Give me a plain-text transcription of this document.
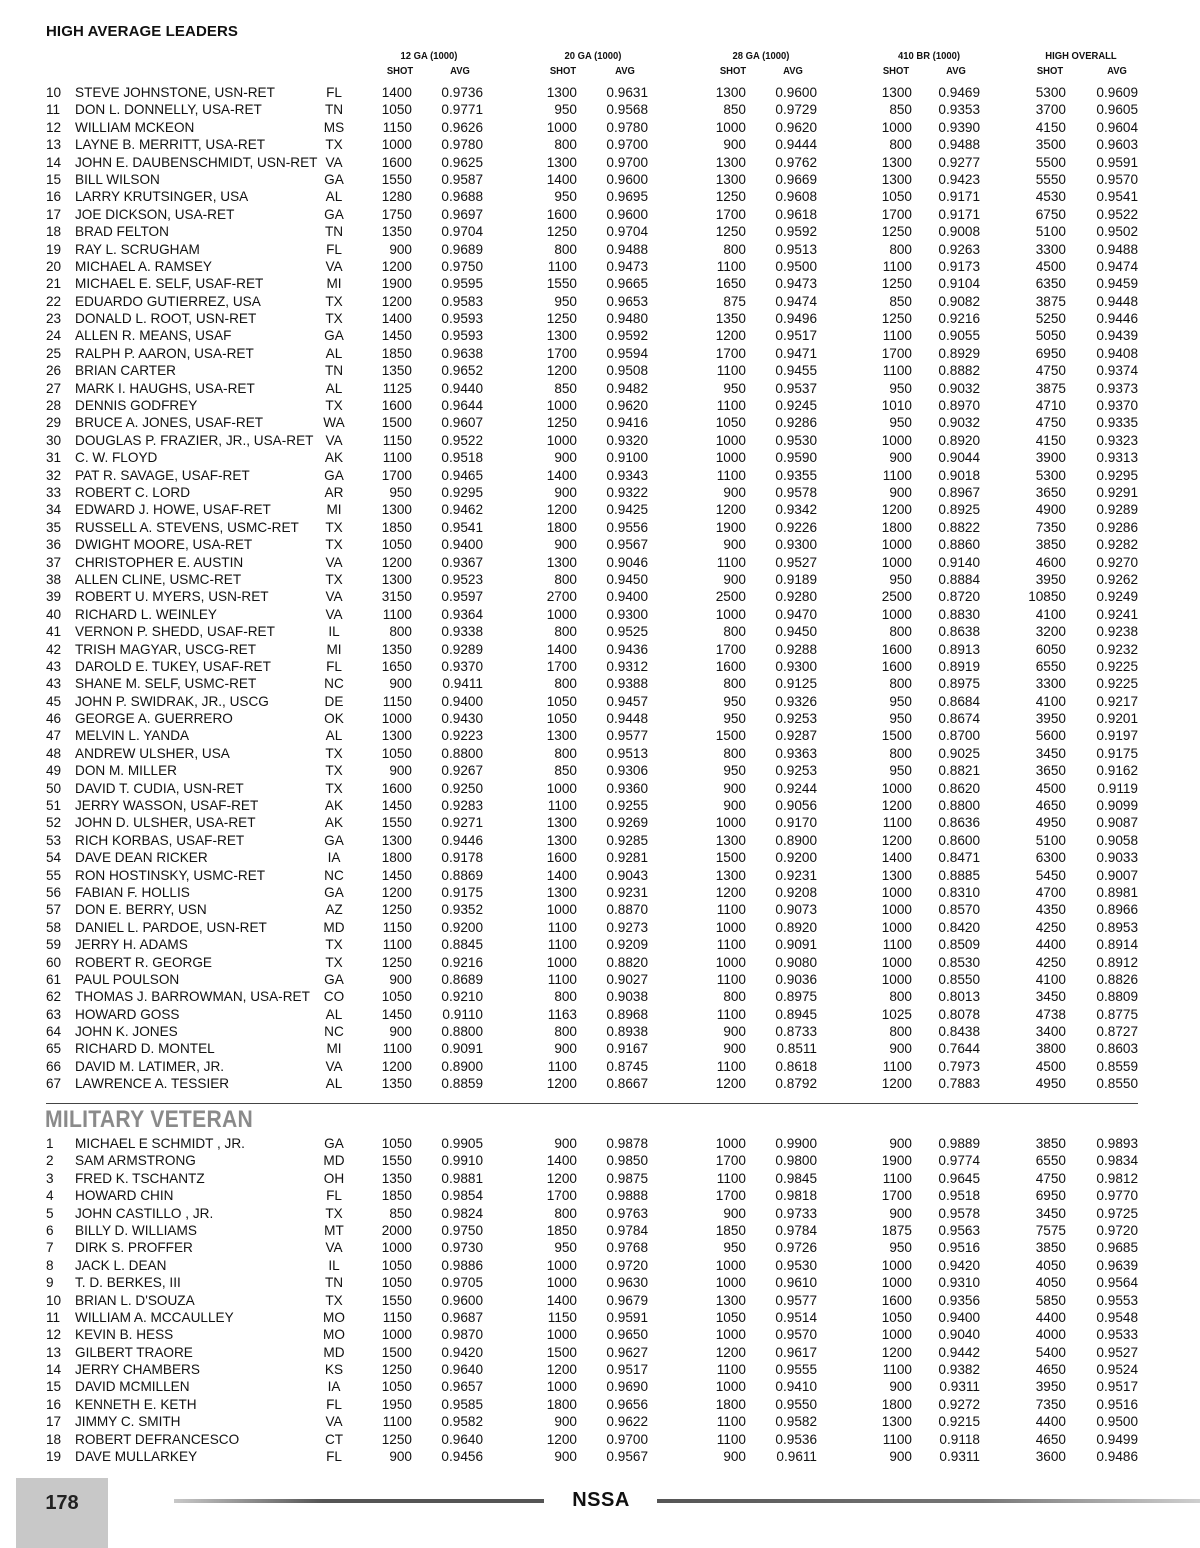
HIGH AVERAGE LEADERS
12 GA (1000)	20 GA (1000)	28 GA (1000)	410 BR (1000)	HIGH OVERALL
SHOT	AVG	SHOT	AVG	SHOT	AVG	SHOT	AVG	SHOT	AVG
10 STEVE JOHNSTONE, USN-RET	FL	1400 0.9736	1300 0.9631	1300 0.9600	1300 0.9469	5300 0.9609
11 DON L. DONNELLY, USA-RET	TN	1050 0.9771	950 0.9568	850 0.9729	850 0.9353	3700 0.9605
12 WILLIAM MCKEON	MS	1150 0.9626	1000 0.9780	1000 0.9620	1000 0.9390	4150 0.9604
13 LAYNE B. MERRITT, USA-RET	TX	1000 0.9780	800 0.9700	900 0.9444	800 0.9488	3500 0.9603
14 JOHN E. DAUBENSCHMIDT, USN-RET VA	1600 0.9625	1300 0.9700	1300 0.9762	1300 0.9277	5500 0.9591
15 BILL WILSON	GA	1550 0.9587	1400 0.9600	1300 0.9669	1300 0.9423	5550 0.9570
16 LARRY KRUTSINGER, USA	AL	1280 0.9688	950 0.9695	1250 0.9608	1050 0.9171	4530 0.9541
17 JOE DICKSON, USA-RET	GA	1750 0.9697	1600 0.9600	1700 0.9618	1700 0.9171	6750 0.9522
18 BRAD FELTON	TN	1350 0.9704	1250 0.9704	1250 0.9592	1250 0.9008	5100 0.9502
19 RAY L. SCRUGHAM	FL	900 0.9689	800 0.9488	800 0.9513	800 0.9263	3300 0.9488
20 MICHAEL A. RAMSEY	VA	1200 0.9750	1100 0.9473	1100 0.9500	1100 0.9173	4500 0.9474
21 MICHAEL E. SELF, USAF-RET	MI	1900 0.9595	1550 0.9665	1650 0.9473	1250 0.9104	6350 0.9459
22 EDUARDO GUTIERREZ, USA	TX	1200 0.9583	950 0.9653	875 0.9474	850 0.9082	3875 0.9448
23 DONALD L. ROOT, USN-RET	TX	1400 0.9593	1250 0.9480	1350 0.9496	1250 0.9216	5250 0.9446
24 ALLEN R. MEANS, USAF	GA	1450 0.9593	1300 0.9592	1200 0.9517	1100 0.9055	5050 0.9439
25 RALPH P. AARON, USA-RET	AL	1850 0.9638	1700 0.9594	1700 0.9471	1700 0.8929	6950 0.9408
26 BRIAN CARTER	TN	1350 0.9652	1200 0.9508	1100 0.9455	1100 0.8882	4750 0.9374
27 MARK I. HAUGHS, USA-RET	AL	1125 0.9440	850 0.9482	950 0.9537	950 0.9032	3875 0.9373
28 DENNIS GODFREY	TX	1600 0.9644	1000 0.9620	1100 0.9245	1010 0.8970	4710 0.9370
29 BRUCE A. JONES, USAF-RET	WA	1500 0.9607	1250 0.9416	1050 0.9286	950 0.9032	4750 0.9335
30 DOUGLAS P. FRAZIER, JR., USA-RET VA	1150 0.9522	1000 0.9320	1000 0.9530	1000 0.8920	4150 0.9323
31 C. W. FLOYD	AK	1100 0.9518	900 0.9100	1000 0.9590	900 0.9044	3900 0.9313
32 PAT R. SAVAGE, USAF-RET	GA	1700 0.9465	1400 0.9343	1100 0.9355	1100 0.9018	5300 0.9295
33 ROBERT C. LORD	AR	950 0.9295	900 0.9322	900 0.9578	900 0.8967	3650 0.9291
34 EDWARD J. HOWE, USAF-RET	MI	1300 0.9462	1200 0.9425	1200 0.9342	1200 0.8925	4900 0.9289
35 RUSSELL A. STEVENS, USMC-RET	TX	1850 0.9541	1800 0.9556	1900 0.9226	1800 0.8822	7350 0.9286
36 DWIGHT MOORE, USA-RET	TX	1050 0.9400	900 0.9567	900 0.9300	1000 0.8860	3850 0.9282
37 CHRISTOPHER E. AUSTIN	VA	1200 0.9367	1300 0.9046	1100 0.9527	1000 0.9140	4600 0.9270
38 ALLEN CLINE, USMC-RET	TX	1300 0.9523	800 0.9450	900 0.9189	950 0.8884	3950 0.9262
39 ROBERT U. MYERS, USN-RET	VA	3150 0.9597	2700 0.9400	2500 0.9280	2500 0.8720	10850 0.9249
40 RICHARD L. WEINLEY	VA	1100 0.9364	1000 0.9300	1000 0.9470	1000 0.8830	4100 0.9241
41 VERNON P. SHEDD, USAF-RET	IL	800 0.9338	800 0.9525	800 0.9450	800 0.8638	3200 0.9238
42 TRISH MAGYAR, USCG-RET	MI	1350 0.9289	1400 0.9436	1700 0.9288	1600 0.8913	6050 0.9232
43 DAROLD E. TUKEY, USAF-RET	FL	1650 0.9370	1700 0.9312	1600 0.9300	1600 0.8919	6550 0.9225
43 SHANE M. SELF, USMC-RET	NC	900 0.9411	800 0.9388	800 0.9125	800 0.8975	3300 0.9225
45 JOHN P. SWIDRAK, JR., USCG	DE	1150 0.9400	1050 0.9457	950 0.9326	950 0.8684	4100 0.9217
46 GEORGE A. GUERRERO	OK	1000 0.9430	1050 0.9448	950 0.9253	950 0.8674	3950 0.9201
47 MELVIN L. YANDA	AL	1300 0.9223	1300 0.9577	1500 0.9287	1500 0.8700	5600 0.9197
48 ANDREW ULSHER, USA	TX	1050 0.8800	800 0.9513	800 0.9363	800 0.9025	3450 0.9175
49 DON M. MILLER	TX	900 0.9267	850 0.9306	950 0.9253	950 0.8821	3650 0.9162
50 DAVID T. CUDIA, USN-RET	TX	1600 0.9250	1000 0.9360	900 0.9244	1000 0.8620	4500 0.9119
51 JERRY WASSON, USAF-RET	AK	1450 0.9283	1100 0.9255	900 0.9056	1200 0.8800	4650 0.9099
52 JOHN D. ULSHER, USA-RET	AK	1550 0.9271	1300 0.9269	1000 0.9170	1100 0.8636	4950 0.9087
53 RICH KORBAS, USAF-RET	GA	1300 0.9446	1300 0.9285	1300 0.8900	1200 0.8600	5100 0.9058
54 DAVE DEAN RICKER	IA	1800 0.9178	1600 0.9281	1500 0.9200	1400 0.8471	6300 0.9033
55 RON HOSTINSKY, USMC-RET	NC	1450 0.8869	1400 0.9043	1300 0.9231	1300 0.8885	5450 0.9007
56 FABIAN F. HOLLIS	GA	1200 0.9175	1300 0.9231	1200 0.9208	1000 0.8310	4700 0.8981
57 DON E. BERRY, USN	AZ	1250 0.9352	1000 0.8870	1100 0.9073	1000 0.8570	4350 0.8966
58 DANIEL L. PARDOE, USN-RET	MD	1150 0.9200	1100 0.9273	1000 0.8920	1000 0.8420	4250 0.8953
59 JERRY H. ADAMS	TX	1100 0.8845	1100 0.9209	1100 0.9091	1100 0.8509	4400 0.8914
60 ROBERT R. GEORGE	TX	1250 0.9216	1000 0.8820	1000 0.9080	1000 0.8530	4250 0.8912
61 PAUL POULSON	GA	900 0.8689	1100 0.9027	1100 0.9036	1000 0.8550	4100 0.8826
62 THOMAS J. BARROWMAN, USA-RET	CO	1050 0.9210	800 0.9038	800 0.8975	800 0.8013	3450 0.8809
63 HOWARD GOSS	AL	1450 0.9110	1163 0.8968	1100 0.8945	1025 0.8078	4738 0.8775
64 JOHN K. JONES	NC	900 0.8800	800 0.8938	900 0.8733	800 0.8438	3400 0.8727
65 RICHARD D. MONTEL	MI	1100 0.9091	900 0.9167	900 0.8511	900 0.7644	3800 0.8603
66 DAVID M. LATIMER, JR.	VA	1200 0.8900	1100 0.8745	1100 0.8618	1100 0.7973	4500 0.8559
67 LAWRENCE A. TESSIER	AL	1350 0.8859	1200 0.8667	1200 0.8792	1200 0.7883	4950 0.8550
MILITARY VETERAN
1 MICHAEL E SCHMIDT , JR.	GA	1050 0.9905	900 0.9878	1000 0.9900	900 0.9889	3850 0.9893
2 SAM ARMSTRONG	MD	1550 0.9910	1400 0.9850	1700 0.9800	1900 0.9774	6550 0.9834
3 FRED K. TSCHANTZ	OH	1350 0.9881	1200 0.9875	1100 0.9845	1100 0.9645	4750 0.9812
4 HOWARD CHIN	FL	1850 0.9854	1700 0.9888	1700 0.9818	1700 0.9518	6950 0.9770
5 JOHN CASTILLO , JR.	TX	850 0.9824	800 0.9763	900 0.9733	900 0.9578	3450 0.9725
6 BILLY D. WILLIAMS	MT	2000 0.9750	1850 0.9784	1850 0.9784	1875 0.9563	7575 0.9720
7 DIRK S. PROFFER	VA	1000 0.9730	950 0.9768	950 0.9726	950 0.9516	3850 0.9685
8 JACK L. DEAN	IL	1050 0.9886	1000 0.9720	1000 0.9530	1000 0.9420	4050 0.9639
9 T. D. BERKES, III	TN	1050 0.9705	1000 0.9630	1000 0.9610	1000 0.9310	4050 0.9564
10 BRIAN L. D'SOUZA	TX	1550 0.9600	1400 0.9679	1300 0.9577	1600 0.9356	5850 0.9553
11 WILLIAM A. MCCAULLEY	MO	1150 0.9687	1150 0.9591	1050 0.9514	1050 0.9400	4400 0.9548
12 KEVIN B. HESS	MO	1000 0.9870	1000 0.9650	1000 0.9570	1000 0.9040	4000 0.9533
13 GILBERT TRAORE	MD	1500 0.9420	1500 0.9627	1200 0.9617	1200 0.9442	5400 0.9527
14 JERRY CHAMBERS	KS	1250 0.9640	1200 0.9517	1100 0.9555	1100 0.9382	4650 0.9524
15 DAVID MCMILLEN	IA	1050 0.9657	1000 0.9690	1000 0.9410	900 0.9311	3950 0.9517
16 KENNETH E. KETH	FL	1950 0.9585	1800 0.9656	1800 0.9550	1800 0.9272	7350 0.9516
17 JIMMY C. SMITH	VA	1100 0.9582	900 0.9622	1100 0.9582	1300 0.9215	4400 0.9500
18 ROBERT DEFRANCESCO	CT	1250 0.9640	1200 0.9700	1100 0.9536	1100 0.9118	4650 0.9499
19 DAVE MULLARKEY	FL	900 0.9456	900 0.9567	900 0.9611	900 0.9311	3600 0.9486
178	NSSA
